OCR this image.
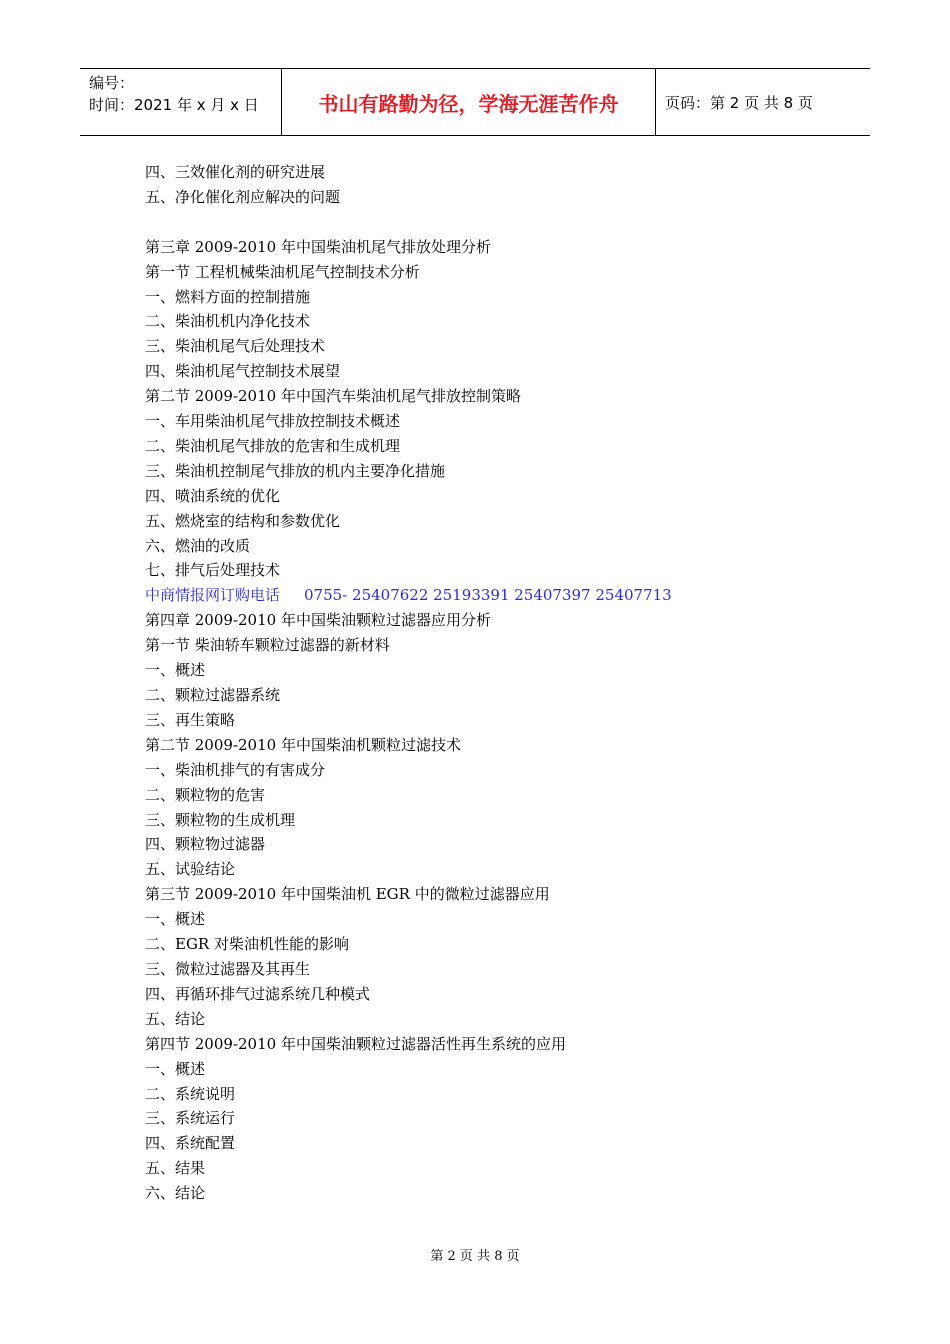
编号：
时间：2021 年 x 月 x 日	书山有路勤为径，学海无涯苦作舟	页码：第 2 页 共 8 页
四、三效催化剂的研究进展
五、净化催化剂应解决的问题
第三章 2009-2010 年中国柴油机尾气排放处理分析
第一节 工程机械柴油机尾气控制技术分析
一、燃料方面的控制措施
二、柴油机机内净化技术
三、柴油机尾气后处理技术
四、柴油机尾气控制技术展望
第二节 2009-2010 年中国汽车柴油机尾气排放控制策略
一、车用柴油机尾气排放控制技术概述
二、柴油机尾气排放的危害和生成机理
三、柴油机控制尾气排放的机内主要净化措施
四、喷油系统的优化
五、燃烧室的结构和参数优化
六、燃油的改质
七、排气后处理技术
中商情报网订购电话 0755- 25407622 25193391 25407397 25407713
第四章 2009-2010 年中国柴油颗粒过滤器应用分析
第一节 柴油轿车颗粒过滤器的新材料
一、概述
二、颗粒过滤器系统
三、再生策略
第二节 2009-2010 年中国柴油机颗粒过滤技术
一、柴油机排气的有害成分
二、颗粒物的危害
三、颗粒物的生成机理
四、颗粒物过滤器
五、试验结论
第三节 2009-2010 年中国柴油机 EGR 中的微粒过滤器应用
一、概述
二、EGR 对柴油机性能的影响
三、微粒过滤器及其再生
四、再循环排气过滤系统几种模式
五、结论
第四节 2009-2010 年中国柴油颗粒过滤器活性再生系统的应用
一、概述
二、系统说明
三、系统运行
四、系统配置
五、结果
六、结论
第 2 页 共 8 页
